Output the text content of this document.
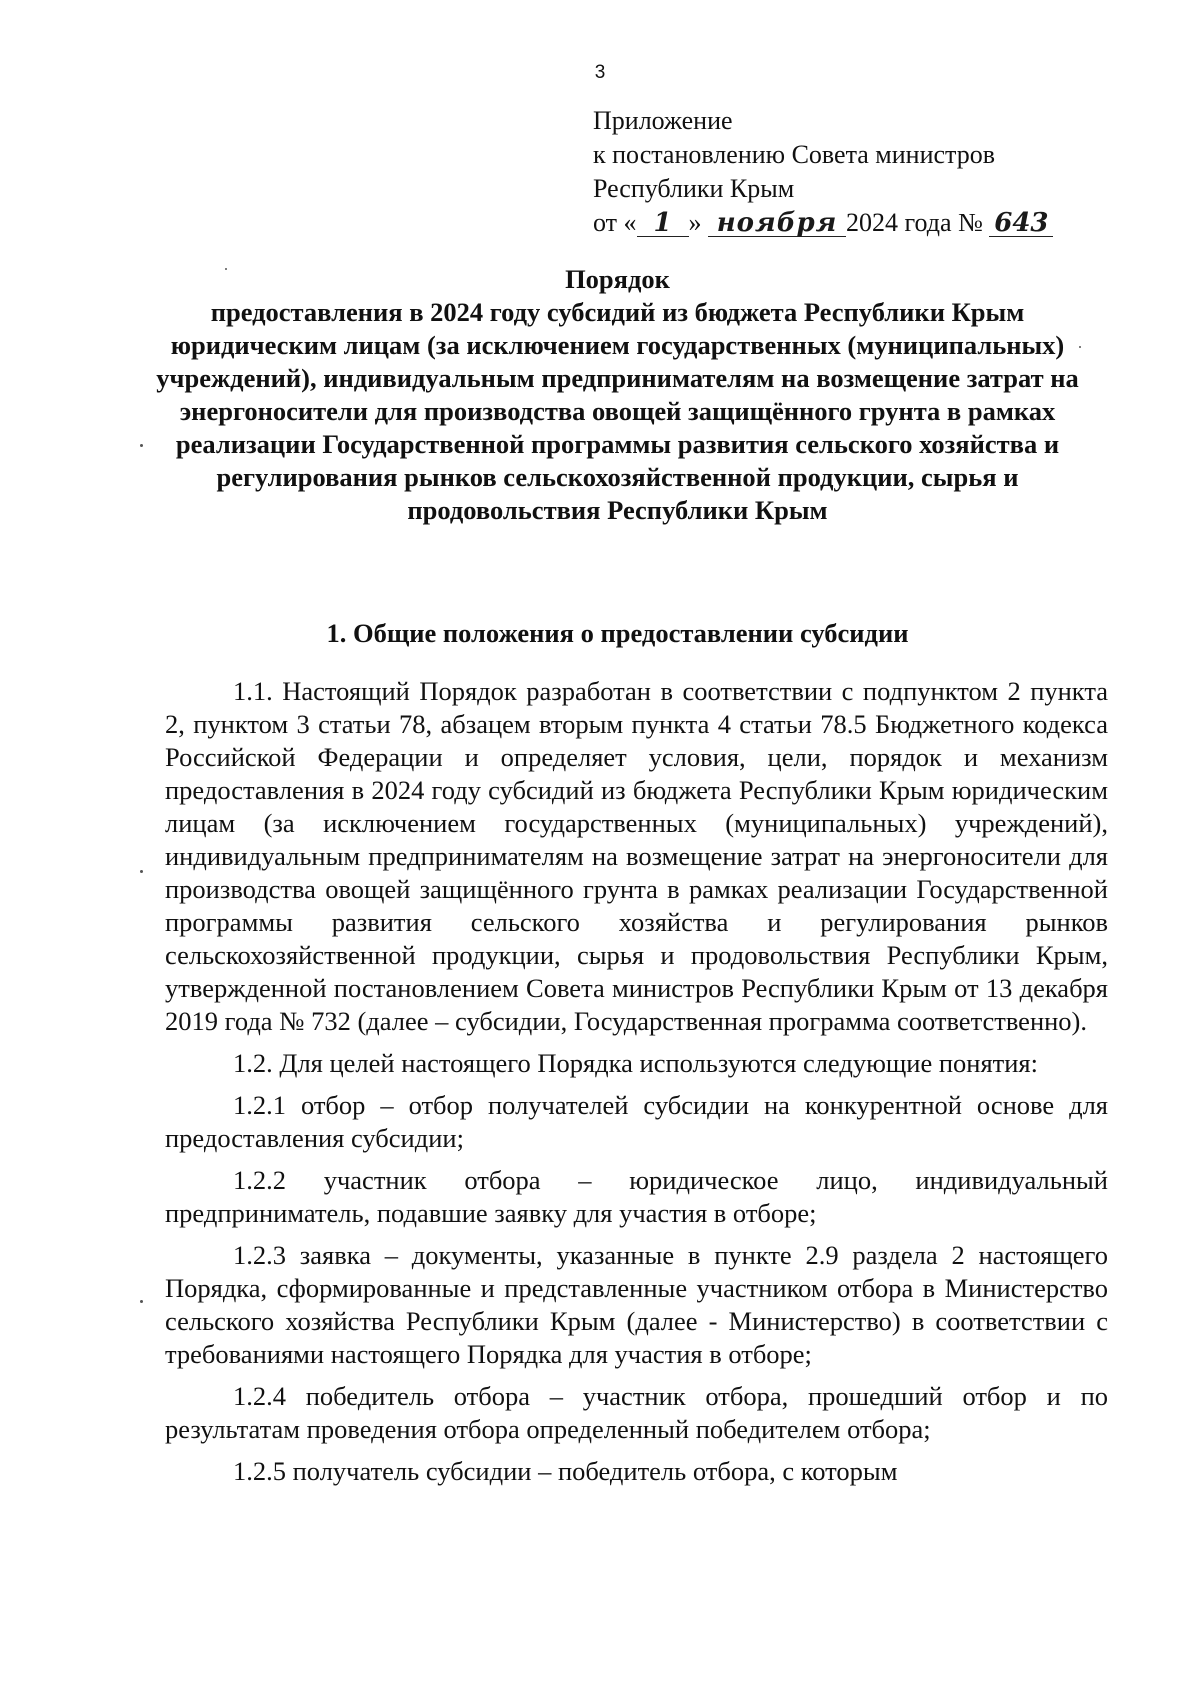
3
Приложение
к постановлению Совета министров
Республики Крым
от « 1 » ноября 2024 года № 643
Порядок
предоставления в 2024 году субсидий из бюджета Республики Крым юридическим лицам (за исключением государственных (муниципальных) учреждений), индивидуальным предпринимателям на возмещение затрат на энергоносители для производства овощей защищённого грунта в рамках реализации Государственной программы развития сельского хозяйства и регулирования рынков сельскохозяйственной продукции, сырья и продовольствия Республики Крым
1. Общие положения о предоставлении субсидии

1.1. Настоящий Порядок разработан в соответствии с подпунктом 2 пункта 2, пунктом 3 статьи 78, абзацем вторым пункта 4 статьи 78.5 Бюджетного кодекса Российской Федерации и определяет условия, цели, порядок и механизм предоставления в 2024 году субсидий из бюджета Республики Крым юридическим лицам (за исключением государственных (муниципальных) учреждений), индивидуальным предпринимателям на возмещение затрат на энергоносители для производства овощей защищённого грунта в рамках реализации Государственной программы развития сельского хозяйства и регулирования рынков сельскохозяйственной продукции, сырья и продовольствия Республики Крым, утвержденной постановлением Совета министров Республики Крым от 13 декабря 2019 года № 732 (далее – субсидии, Государственная программа соответственно).

1.2. Для целей настоящего Порядка используются следующие понятия:

1.2.1 отбор – отбор получателей субсидии на конкурентной основе для предоставления субсидии;

1.2.2 участник отбора – юридическое лицо, индивидуальный предприниматель, подавшие заявку для участия в отборе;

1.2.3 заявка – документы, указанные в пункте 2.9 раздела 2 настоящего Порядка, сформированные и представленные участником отбора в Министерство сельского хозяйства Республики Крым (далее - Министерство) в соответствии с требованиями настоящего Порядка для участия в отборе;

1.2.4 победитель отбора – участник отбора, прошедший отбор и по результатам проведения отбора определенный победителем отбора;

1.2.5 получатель субсидии – победитель отбора, с которым
